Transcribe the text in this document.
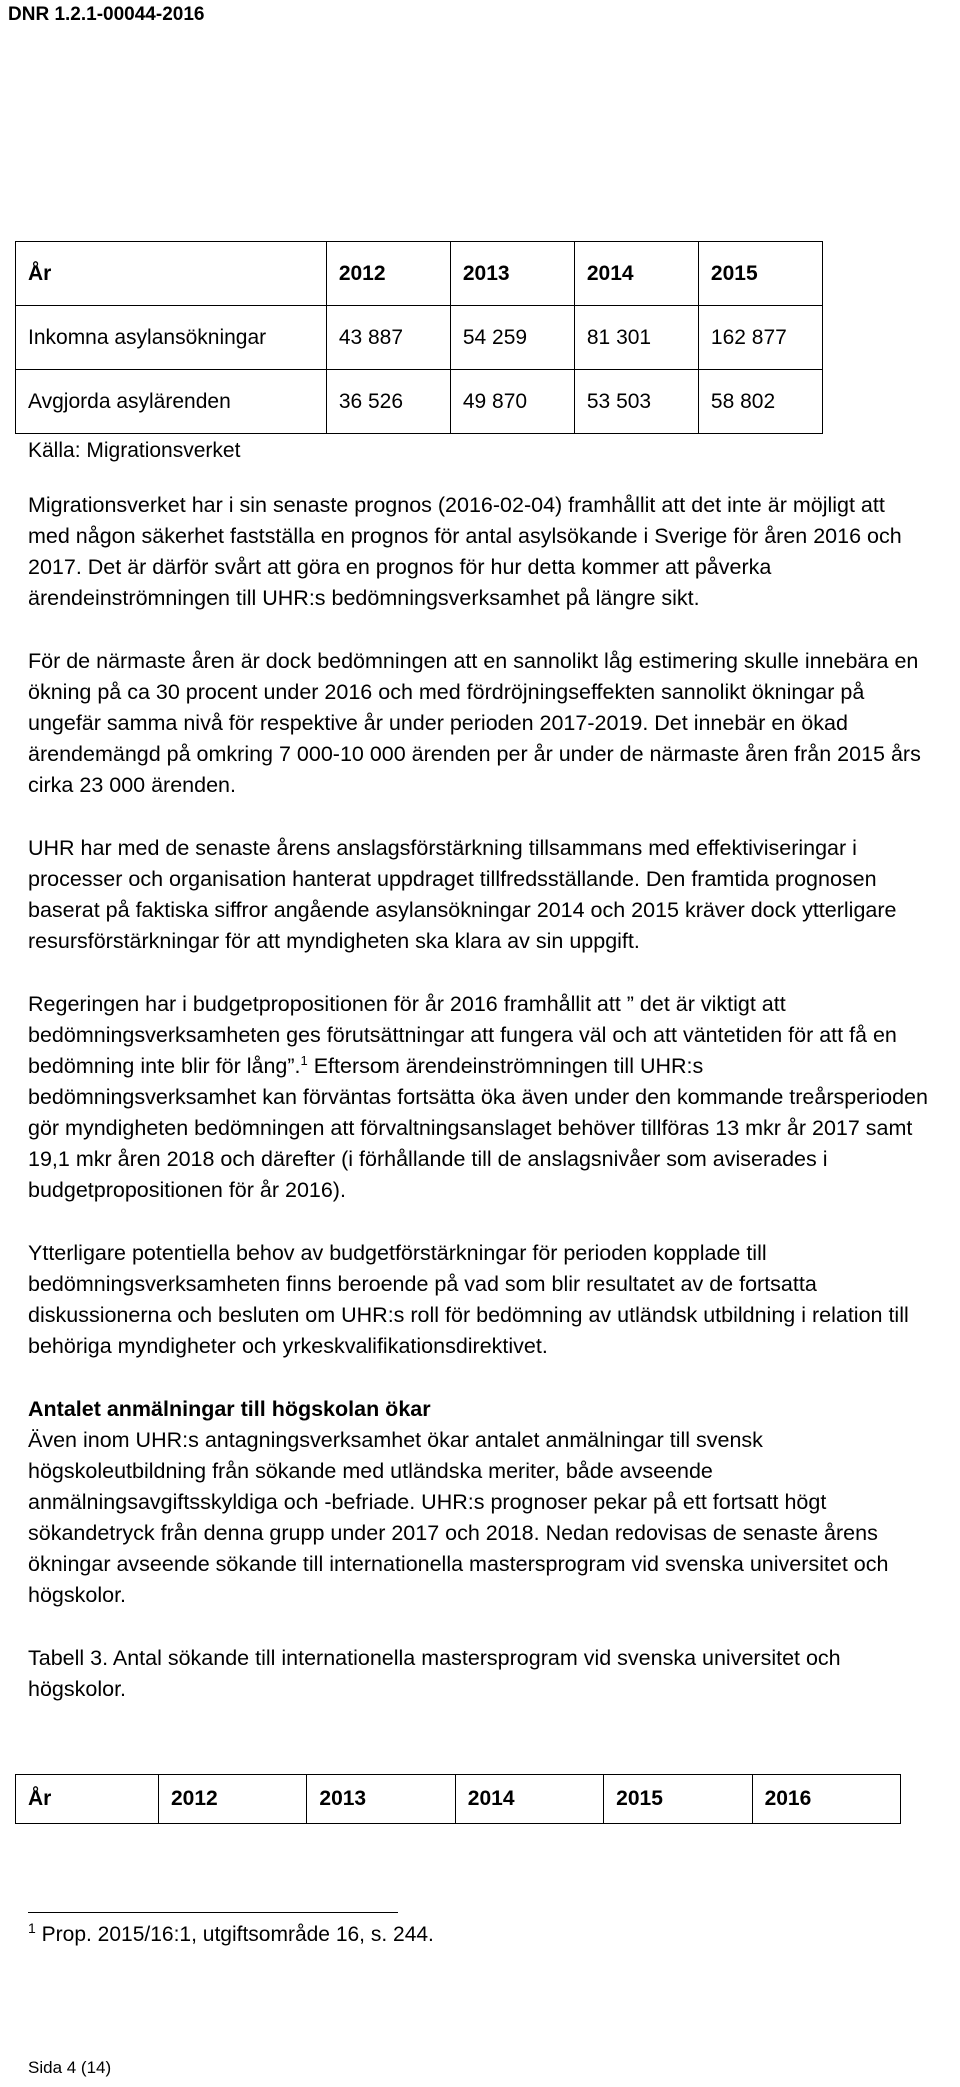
DNR 1.2.1-00044-2016
År	2012	2013	2014	2015
Inkomna asylansökningar	43 887	54 259	81 301	162 877
Avgjorda asylärenden	36 526	49 870	53 503	58 802
Källa: Migrationsverket

Migrationsverket har i sin senaste prognos (2016-02-04) framhållit att det inte är möjligt att med någon säkerhet fastställa en prognos för antal asylsökande i Sverige för åren 2016 och 2017. Det är därför svårt att göra en prognos för hur detta kommer att påverka ärendeinströmningen till UHR:s bedömningsverksamhet på längre sikt.

För de närmaste åren är dock bedömningen att en sannolikt låg estimering skulle innebära en ökning på ca 30 procent under 2016 och med fördröjningseffekten sannolikt ökningar på ungefär samma nivå för respektive år under perioden 2017-2019. Det innebär en ökad ärendemängd på omkring 7 000-10 000 ärenden per år under de närmaste åren från 2015 års cirka 23 000 ärenden.

UHR har med de senaste årens anslagsförstärkning tillsammans med effektiviseringar i processer och organisation hanterat uppdraget tillfredsställande. Den framtida prognosen baserat på faktiska siffror angående asylansökningar 2014 och 2015 kräver dock ytterligare resursförstärkningar för att myndigheten ska klara av sin uppgift.

Regeringen har i budgetpropositionen för år 2016 framhållit att ” det är viktigt att bedömningsverksamheten ges förutsättningar att fungera väl och att väntetiden för att få en bedömning inte blir för lång”.$^1$ Eftersom ärendeinströmningen till UHR:s bedömningsverksamhet kan förväntas fortsätta öka även under den kommande treårsperioden gör myndigheten bedömningen att förvaltningsanslaget behöver tillföras 13 mkr år 2017 samt 19,1 mkr åren 2018 och därefter (i förhållande till de anslagsnivåer som aviserades i budgetpropositionen för år 2016).

Ytterligare potentiella behov av budgetförstärkningar för perioden kopplade till bedömningsverksamheten finns beroende på vad som blir resultatet av de fortsatta diskussionerna och besluten om UHR:s roll för bedömning av utländsk utbildning i relation till behöriga myndigheter och yrkeskvalifikationsdirektivet.

Antalet anmälningar till högskolan ökar

Även inom UHR:s antagningsverksamhet ökar antalet anmälningar till svensk högskoleutbildning från sökande med utländska meriter, både avseende anmälningsavgiftsskyldiga och -befriade. UHR:s prognoser pekar på ett fortsatt högt sökandetryck från denna grupp under 2017 och 2018. Nedan redovisas de senaste årens ökningar avseende sökande till internationella mastersprogram vid svenska universitet och högskolor.

Tabell 3. Antal sökande till internationella mastersprogram vid svenska universitet och högskolor.

År	2012	2013	2014	2015	2016
$^1$ Prop. 2015/16:1, utgiftsområde 16, s. 244.
Sida 4 (14)
